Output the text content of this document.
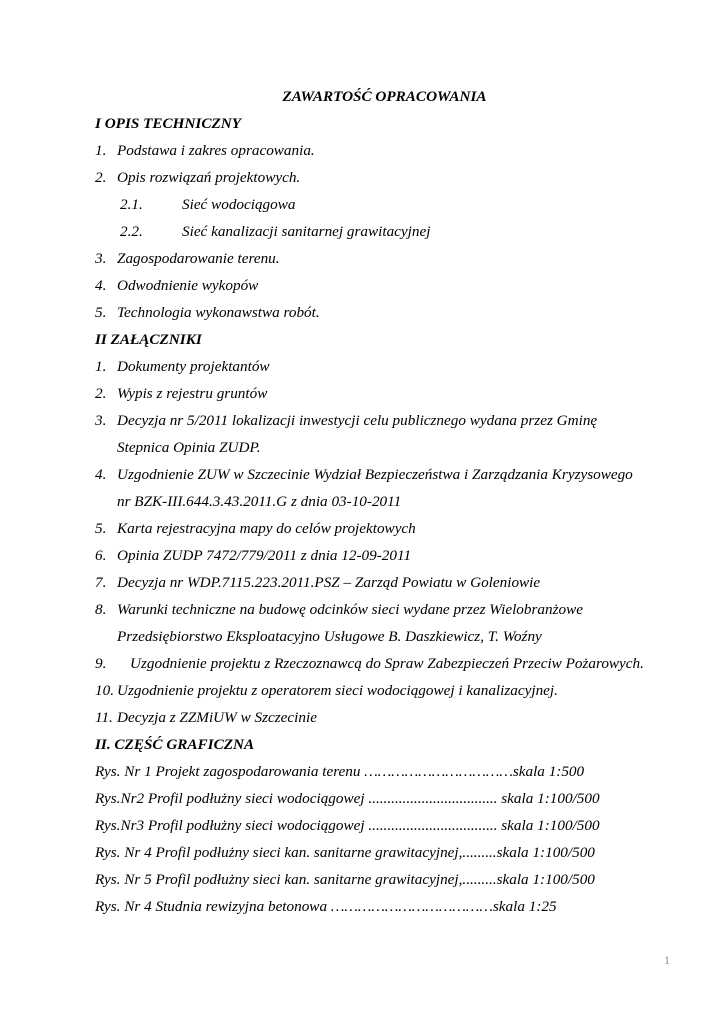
ZAWARTOŚĆ OPRACOWANIA
I OPIS TECHNICZNY
1. Podstawa i zakres opracowania.
2. Opis rozwiązań projektowych.
2.1.	Sieć wodociągowa
2.2.	Sieć kanalizacji sanitarnej grawitacyjnej
3. Zagospodarowanie terenu.
4. Odwodnienie wykopów
5. Technologia wykonawstwa robót.
II ZAŁĄCZNIKI
1. Dokumenty projektantów
2. Wypis z rejestru gruntów
3. Decyzja nr 5/2011 lokalizacji inwestycji celu publicznego wydana przez Gminę
Stepnica Opinia ZUDP.
4. Uzgodnienie ZUW w Szczecinie Wydział Bezpieczeństwa i Zarządzania Kryzysowego
nr BZK-III.644.3.43.2011.G z dnia 03-10-2011
5. Karta rejestracyjna mapy do celów projektowych
6. Opinia ZUDP 7472/779/2011 z dnia 12-09-2011
7. Decyzja nr WDP.7115.223.2011.PSZ – Zarząd Powiatu w Goleniowie
8. Warunki techniczne na budowę odcinków sieci wydane przez Wielobranżowe
Przedsiębiorstwo Eksploatacyjno Usługowe B. Daszkiewicz, T. Woźny
9. Uzgodnienie projektu z Rzeczoznawcą do Spraw Zabezpieczeń Przeciw Pożarowych.
10. Uzgodnienie projektu z operatorem sieci wodociągowej i kanalizacyjnej.
11. Decyzja z ZZMiUW w Szczecinie
II. CZĘŚĆ GRAFICZNA
Rys. Nr 1 Projekt zagospodarowania terenu ……………………………skala 1:500
Rys.Nr2 Profil podłużny sieci wodociągowej .................................. skala 1:100/500
Rys.Nr3 Profil podłużny sieci wodociągowej .................................. skala 1:100/500
Rys. Nr 4 Profil podłużny sieci kan. sanitarne grawitacyjnej,.........skala 1:100/500
Rys. Nr 5 Profil podłużny sieci kan. sanitarne grawitacyjnej,.........skala 1:100/500
Rys. Nr 4 Studnia rewizyjna betonowa ………………………………skala 1:25
1
